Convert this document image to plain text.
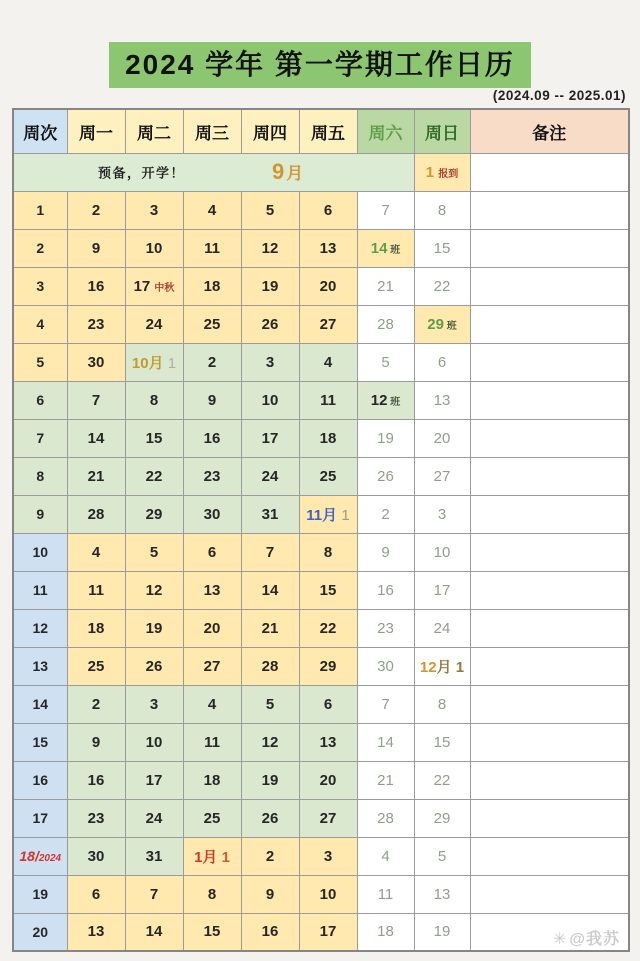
2024 学年 第一学期工作日历
(2024.09 -- 2025.01)
周次	周一	周二	周三	周四	周五	周六	周日	备注

预备，开学！ 9 月							1 报到	
1	2	3	4	5	6	7	8	
2	9	10	11	12	13	14 班	15	
3	16	17 中秋	18	19	20	21	22	
4	23	24	25	26	27	28	29 班	
5	30	10月 1	2	3	4	5	6	
6	7	8	9	10	11	12 班	13	
7	14	15	16	17	18	19	20	
8	21	22	23	24	25	26	27	
9	28	29	30	31	11月 1	2	3	
10	4	5	6	7	8	9	10	
11	11	12	13	14	15	16	17	
12	18	19	20	21	22	23	24	
13	25	26	27	28	29	30	12月 1	
14	2	3	4	5	6	7	8	
15	9	10	11	12	13	14	15	
16	16	17	18	19	20	21	22	
17	23	24	25	26	27	28	29	
18/2024	30	31	1月 1	2	3	4	5	
19	6	7	8	9	10	11	13	
20	13	14	15	16	17	18	19		✳ @我苏
